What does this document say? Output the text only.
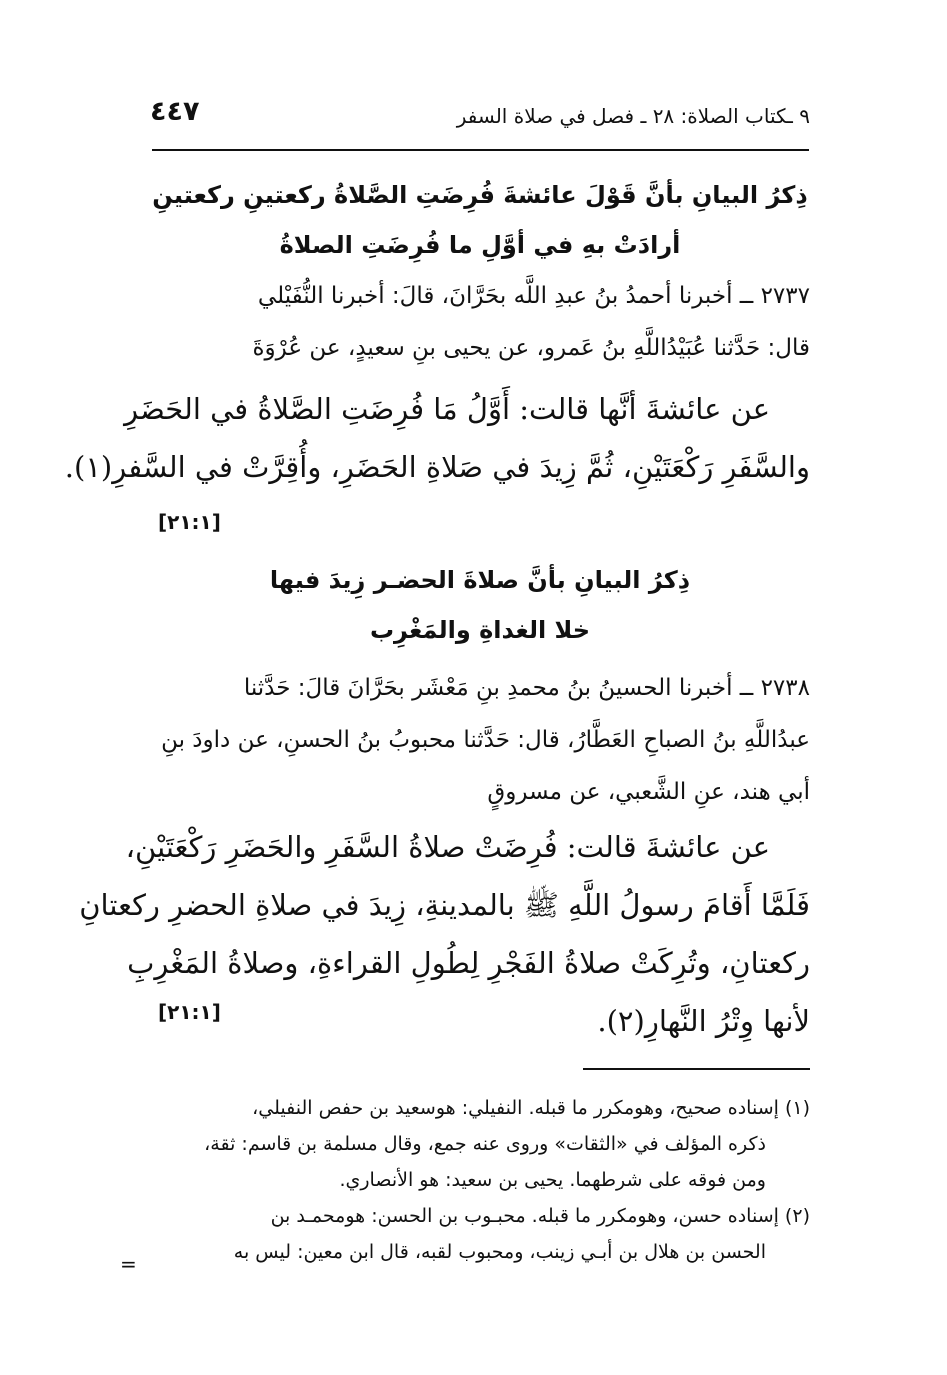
٩ ـكتاب الصلاة: ٢٨ ـ فصل في صلاة السفر
٤٤٧
ذِكرُ البيانِ بأنَّ قَوْلَ عائشةَ فُرِضَتِ الصَّلاةُ ركعتينِ ركعتينِ
أرادَتْ بهِ في أوَّلِ ما فُرِضَتِ الصلاةُ
٢٧٣٧ ــ أخبرنا أحمدُ بنُ عبدِ اللَّه بحَرَّانَ، قالَ: أخبرنا النُّفَيْلي
قال: حَدَّثنا عُبَيْدُاللَّهِ بنُ عَمرو، عن يحيى بنِ سعيدٍ، عن عُرْوَةَ
عن عائشةَ أنَّها قالت: أَوَّلُ مَا فُرِضَتِ الصَّلاةُ في الحَضَرِ
والسَّفَرِ رَكْعَتَيْنِ، ثُمَّ زِيدَ في صَلاةِ الحَضَرِ، وأُقِرَّتْ في السَّفرِ(١).
[٢١:١]
ذِكرُ البيانِ بأنَّ صلاةَ الحضـر زِيدَ فيها
خلا الغداةِ والمَغْرِب
٢٧٣٨ ــ أخبرنا الحسينُ بنُ محمدِ بنِ مَعْشَر بحَرَّانَ قالَ: حَدَّثنا
عبدُاللَّهِ بنُ الصباحِ العَطَّارُ، قال: حَدَّثنا محبوبُ بنُ الحسنِ، عن داودَ بنِ
أبي هند، عنِ الشَّعبي، عن مسروقٍ
عن عائشةَ قالت: فُرِضَتْ صلاةُ السَّفَرِ والحَضَرِ رَكْعَتَيْنِ،
فَلَمَّا أَقامَ رسولُ اللَّهِ ﷺ بالمدينةِ، زِيدَ في صلاةِ الحضرِ ركعتانِ
ركعتانِ، وتُرِكَتْ صلاةُ الفَجْرِ لِطُولِ القراءةِ، وصلاةُ المَغْرِبِ
لأنها وِتْرُ النَّهارِ(٢).
[٢١:١]
(١) إسناده صحيح، وهومكرر ما قبله. النفيلي: هوسعيد بن حفص النفيلي،
ذكره المؤلف في «الثقات» وروى عنه جمع، وقال مسلمة بن قاسم: ثقة،
ومن فوقه على شرطهما. يحيى بن سعيد: هو الأنصاري.
(٢) إسناده حسن، وهومكرر ما قبله. محبـوب بن الحسن: هومحمـد بن
الحسن بن هلال بن أبـي زينب، ومحبوب لقبه، قال ابن معين: ليس به
=
